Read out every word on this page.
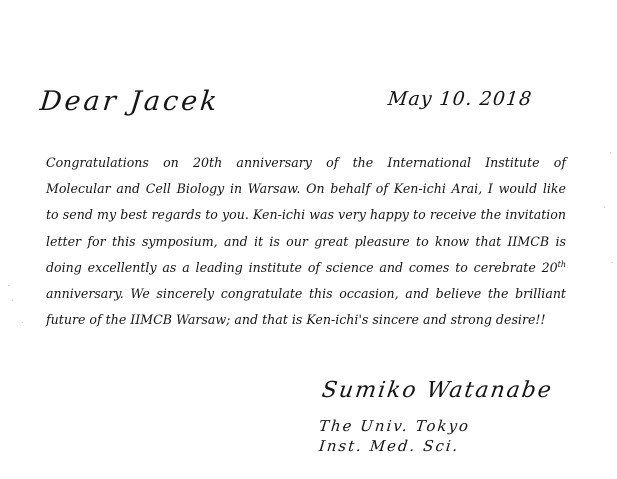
Dear Jacek	May 10. 2018
Congratulations on 20th anniversary of the International Institute of
Molecular and Cell Biology in Warsaw. On behalf of Ken-ichi Arai, I would like
to send my best regards to you. Ken-ichi was very happy to receive the invitation
letter for this symposium, and it is our great pleasure to know that IIMCB is
doing excellently as a leading institute of science and comes to cerebrate 20th
anniversary. We sincerely congratulate this occasion, and believe the brilliant
future of the IIMCB Warsaw; and that is Ken-ichi's sincere and strong desire!!
Sumiko Watanabe
The Univ. Tokyo
Inst. Med. Sci.
